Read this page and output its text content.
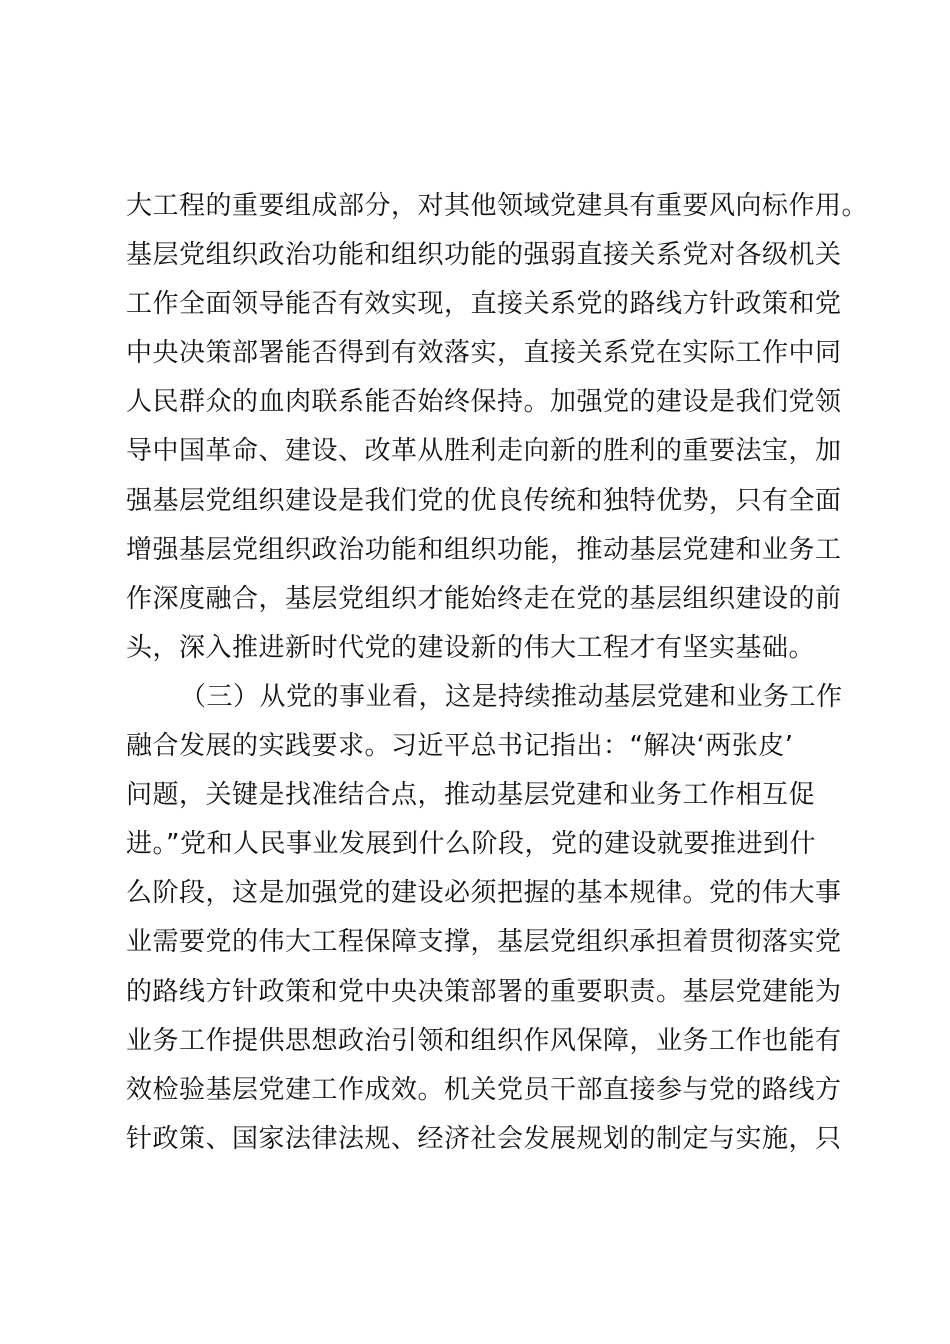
大工程的重要组成部分，对其他领域党建具有重要风向标作用。
基层党组织政治功能和组织功能的强弱直接关系党对各级机关
工作全面领导能否有效实现，直接关系党的路线方针政策和党
中央决策部署能否得到有效落实，直接关系党在实际工作中同
人民群众的血肉联系能否始终保持。加强党的建设是我们党领
导中国革命、建设、改革从胜利走向新的胜利的重要法宝，加
强基层党组织建设是我们党的优良传统和独特优势，只有全面
增强基层党组织政治功能和组织功能，推动基层党建和业务工
作深度融合，基层党组织才能始终走在党的基层组织建设的前
头，深入推进新时代党的建设新的伟大工程才有坚实基础。
（三）从党的事业看，这是持续推动基层党建和业务工作
融合发展的实践要求。习近平总书记指出：“解决‘两张皮’
问题，关键是找准结合点，推动基层党建和业务工作相互促
进。”党和人民事业发展到什么阶段，党的建设就要推进到什
么阶段，这是加强党的建设必须把握的基本规律。党的伟大事
业需要党的伟大工程保障支撑，基层党组织承担着贯彻落实党
的路线方针政策和党中央决策部署的重要职责。基层党建能为
业务工作提供思想政治引领和组织作风保障，业务工作也能有
效检验基层党建工作成效。机关党员干部直接参与党的路线方
针政策、国家法律法规、经济社会发展规划的制定与实施，只
